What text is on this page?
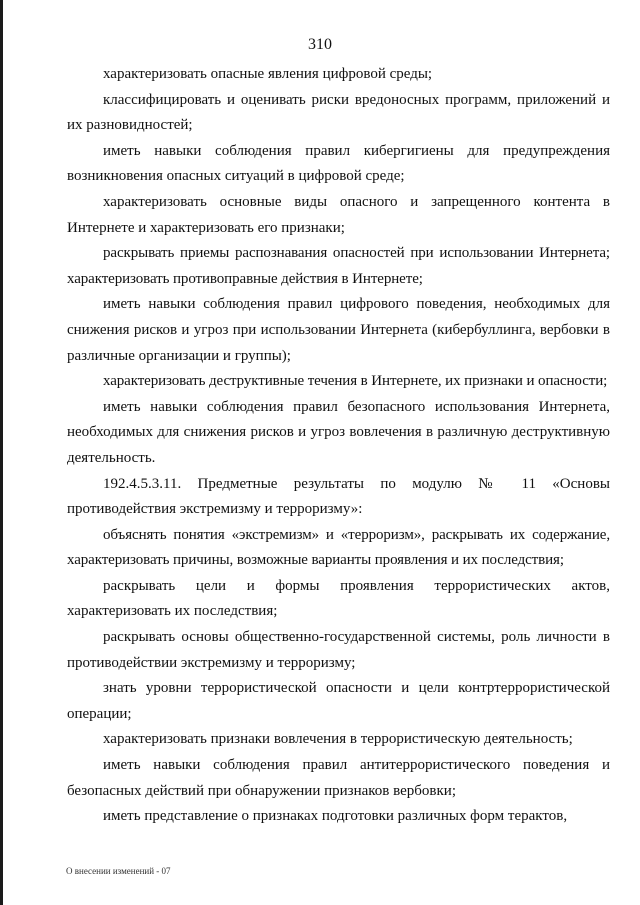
310

характеризовать опасные явления цифровой среды;

классифицировать и оценивать риски вредоносных программ, приложений и их разновидностей;

иметь навыки соблюдения правил кибергигиены для предупреждения возникновения опасных ситуаций в цифровой среде;

характеризовать основные виды опасного и запрещенного контента в Интернете и характеризовать его признаки;

раскрывать приемы распознавания опасностей при использовании Интернета; характеризовать противоправные действия в Интернете;

иметь навыки соблюдения правил цифрового поведения, необходимых для снижения рисков и угроз при использовании Интернета (кибербуллинга, вербовки в различные организации и группы);

характеризовать деструктивные течения в Интернете, их признаки и опасности;

иметь навыки соблюдения правил безопасного использования Интернета, необходимых для снижения рисков и угроз вовлечения в различную деструктивную деятельность.

192.4.5.3.11. Предметные результаты по модулю № 11 «Основы противодействия экстремизму и терроризму»:

объяснять понятия «экстремизм» и «терроризм», раскрывать их содержание, характеризовать причины, возможные варианты проявления и их последствия;

раскрывать цели и формы проявления террористических актов, характеризовать их последствия;

раскрывать основы общественно-государственной системы, роль личности в противодействии экстремизму и терроризму;

знать уровни террористической опасности и цели контртеррористической операции;

характеризовать признаки вовлечения в террористическую деятельность;

иметь навыки соблюдения правил антитеррористического поведения и безопасных действий при обнаружении признаков вербовки;

иметь представление о признаках подготовки различных форм терактов,

О внесении изменений - 07
